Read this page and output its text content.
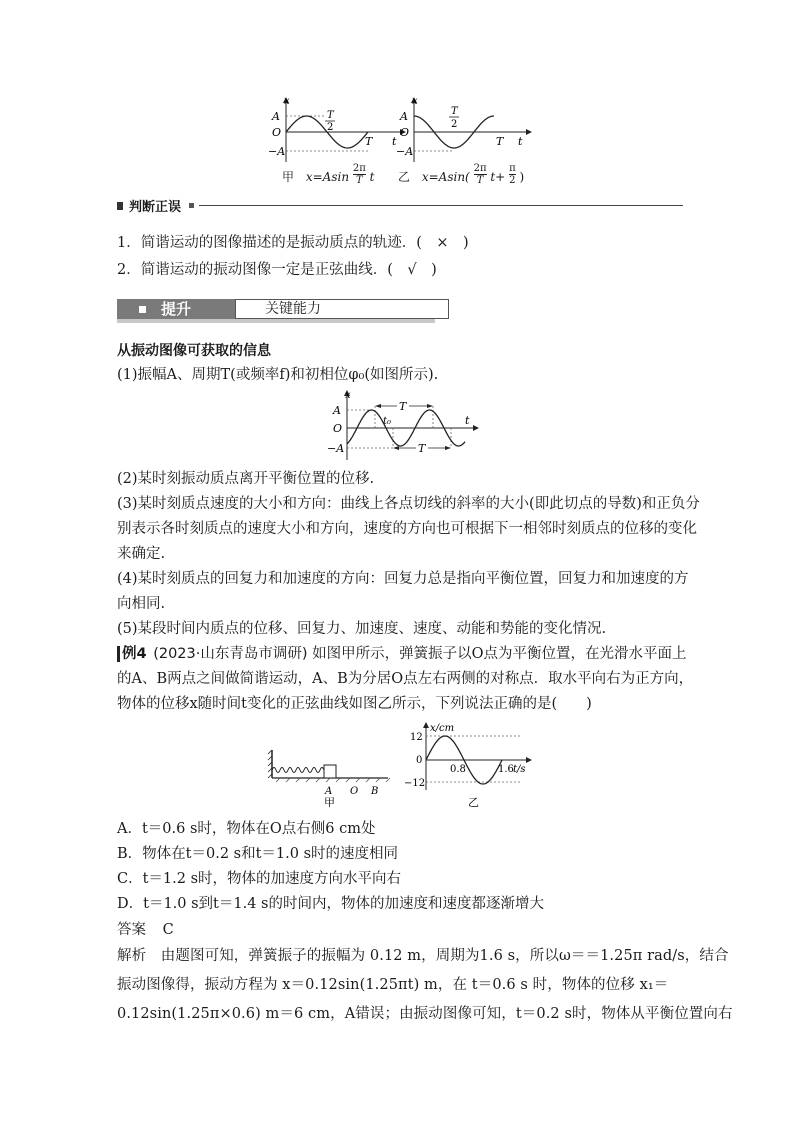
x
A
O
−A
T
2
T t
x
A
O
−A
T
2
T t
甲 $x=Asin \frac{2\pi}{T}$ t 乙 $x=Asin( \frac{2\pi}{T} t+ \frac{\pi}{2}$ )
判断正误
1．简谐运动的图像描述的是振动质点的轨迹．(　×　)
2．简谐运动的振动图像一定是正弦曲线．(　√　)
提升	关键能力
从振动图像可获取的信息
(1)振幅A、周期T(或频率f)和初相位φ₀(如图所示).
T
T
t₀
x
A
O
−A
t
(2)某时刻振动质点离开平衡位置的位移.
(3)某时刻质点速度的大小和方向：曲线上各点切线的斜率的大小(即此切点的导数)和正负分
别表示各时刻质点的速度大小和方向，速度的方向也可根据下一相邻时刻质点的位移的变化
来确定.
(4)某时刻质点的回复力和加速度的方向：回复力总是指向平衡位置，回复力和加速度的方
向相同.
(5)某段时间内质点的位移、回复力、加速度、速度、动能和势能的变化情况.
例4 (2023·山东青岛市调研) 如图甲所示，弹簧振子以O点为平衡位置，在光滑水平面上
的A、B两点之间做简谐运动，A、B为分居O点左右两侧的对称点．取水平向右为正方向，
物体的位移x随时间t变化的正弦曲线如图乙所示，下列说法正确的是(　　)
A O B
甲
x/cm
12
0
−12
0.8	1.6 t/s
乙
A．t＝0.6 s时，物体在O点右侧6 cm处
B．物体在t＝0.2 s和t＝1.0 s时的速度相同
C．t＝1.2 s时，物体的加速度方向水平向右
D．t＝1.0 s到t＝1.4 s的时间内，物体的加速度和速度都逐渐增大
答案 C
解析　由题图可知，弹簧振子的振幅为 0.12 m，周期为1.6 s，所以ω＝＝1.25π rad/s，结合
振动图像得，振动方程为 x＝0.12sin(1.25πt) m，在 t＝0.6 s 时，物体的位移 x₁＝
0.12sin(1.25π×0.6) m＝6 cm，A错误；由振动图像可知，t＝0.2 s时，物体从平衡位置向右
